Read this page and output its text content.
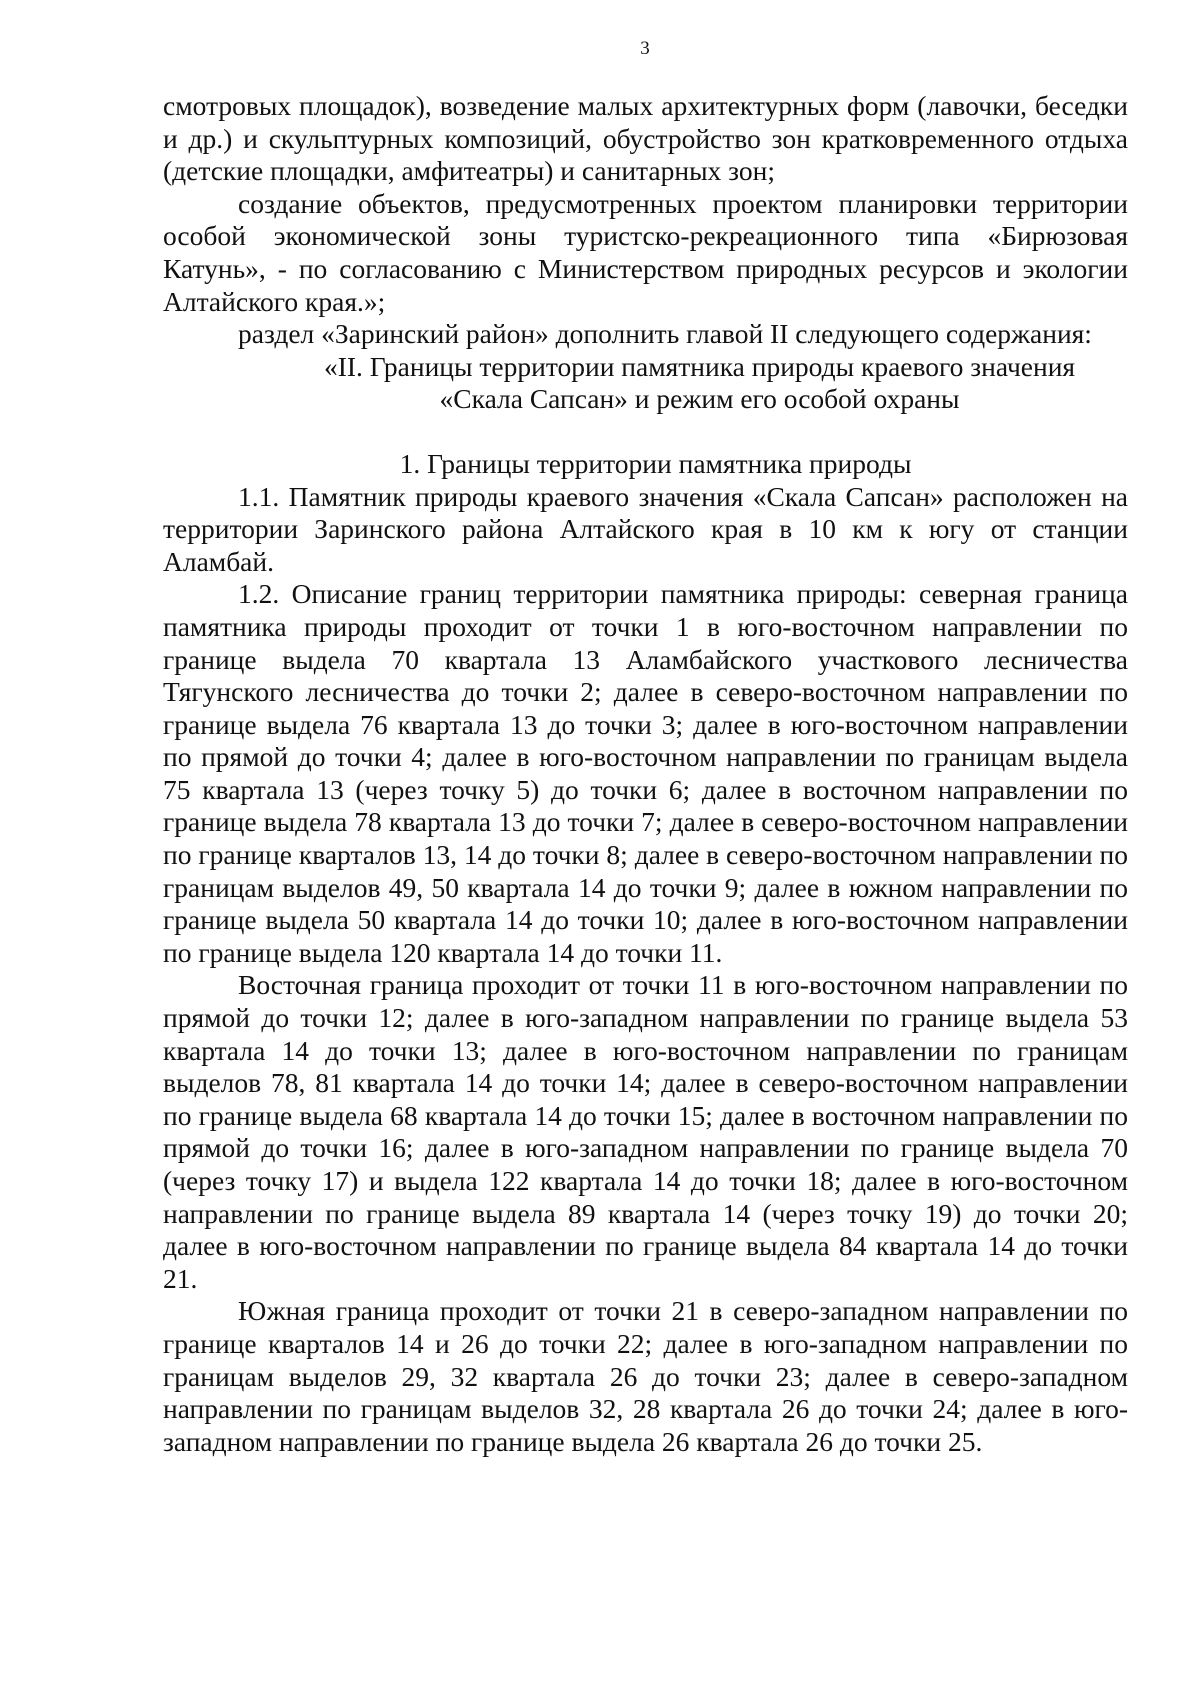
3

смотровых площадок), возведение малых архитектурных форм (лавочки, беседки и др.) и скульптурных композиций, обустройство зон кратковременного отдыха (детские площадки, амфитеатры) и санитарных зон;

создание объектов, предусмотренных проектом планировки территории особой экономической зоны туристско-рекреационного типа «Бирюзовая Катунь», - по согласованию с Министерством природных ресурсов и экологии Алтайского края.»;

раздел «Заринский район» дополнить главой II следующего содержания:

«II. Границы территории памятника природы краевого значения

«Скала Сапсан» и режим его особой охраны

1. Границы территории памятника природы

1.1. Памятник природы краевого значения «Скала Сапсан» расположен на территории Заринского района Алтайского края в 10 км к югу от станции Аламбай.

1.2. Описание границ территории памятника природы: северная граница памятника природы проходит от точки 1 в юго-восточном направлении по границе выдела 70 квартала 13 Аламбайского участкового лесничества Тягунского лесничества до точки 2; далее в северо-восточном направлении по границе выдела 76 квартала 13 до точки 3; далее в юго-восточном направлении по прямой до точки 4; далее в юго-восточном направлении по границам выдела 75 квартала 13 (через точку 5) до точки 6; далее в восточном направлении по границе выдела 78 квартала 13 до точки 7; далее в северо-восточном направлении по границе кварталов 13, 14 до точки 8; далее в северо-восточном направлении по границам выделов 49, 50 квартала 14 до точки 9; далее в южном направлении по границе выдела 50 квартала 14 до точки 10; далее в юго-восточном направлении по границе выдела 120 квартала 14 до точки 11.

Восточная граница проходит от точки 11 в юго-восточном направлении по прямой до точки 12; далее в юго-западном направлении по границе выдела 53 квартала 14 до точки 13; далее в юго-восточном направлении по границам выделов 78, 81 квартала 14 до точки 14; далее в северо-восточном направлении по границе выдела 68 квартала 14 до точки 15; далее в восточном направлении по прямой до точки 16; далее в юго-западном направлении по границе выдела 70 (через точку 17) и выдела 122 квартала 14 до точки 18; далее в юго-восточном направлении по границе выдела 89 квартала 14 (через точку 19) до точки 20; далее в юго-восточном направлении по границе выдела 84 квартала 14 до точки 21.

Южная граница проходит от точки 21 в северо-западном направлении по границе кварталов 14 и 26 до точки 22; далее в юго-западном направлении по границам выделов 29, 32 квартала 26 до точки 23; далее в северо-западном направлении по границам выделов 32, 28 квартала 26 до точки 24; далее в юго-западном направлении по границе выдела 26 квартала 26 до точки 25.
